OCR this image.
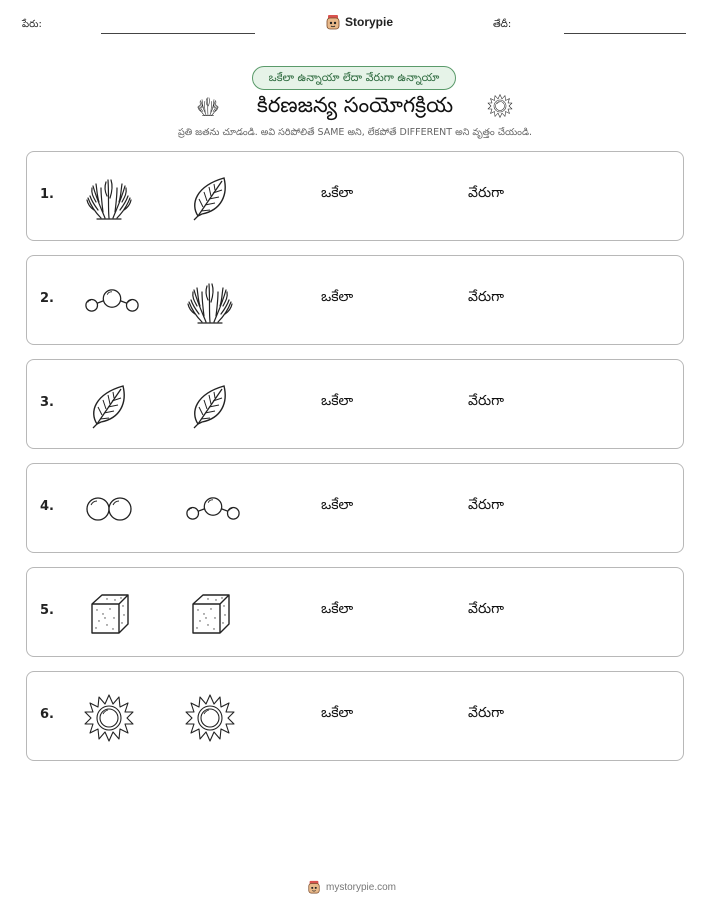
పేరు:	Storypie	తేదీ:
ఒకేలా ఉన్నాయా లేదా వేరుగా ఉన్నాయా
కిరణజన్య సంయోగక్రియ
ప్రతి జతను చూడండి. అవి సరిపోలితే SAME అని, లేకపోతే DIFFERENT అని వృత్తం చేయండి.
1.	ఒకేలా	వేరుగా
2.	ఒకేలా	వేరుగా
3.	ఒకేలా	వేరుగా
4.	ఒకేలా	వేరుగా
5.	ఒకేలా	వేరుగా
6.	ఒకేలా	వేరుగా
mystorypie.com
